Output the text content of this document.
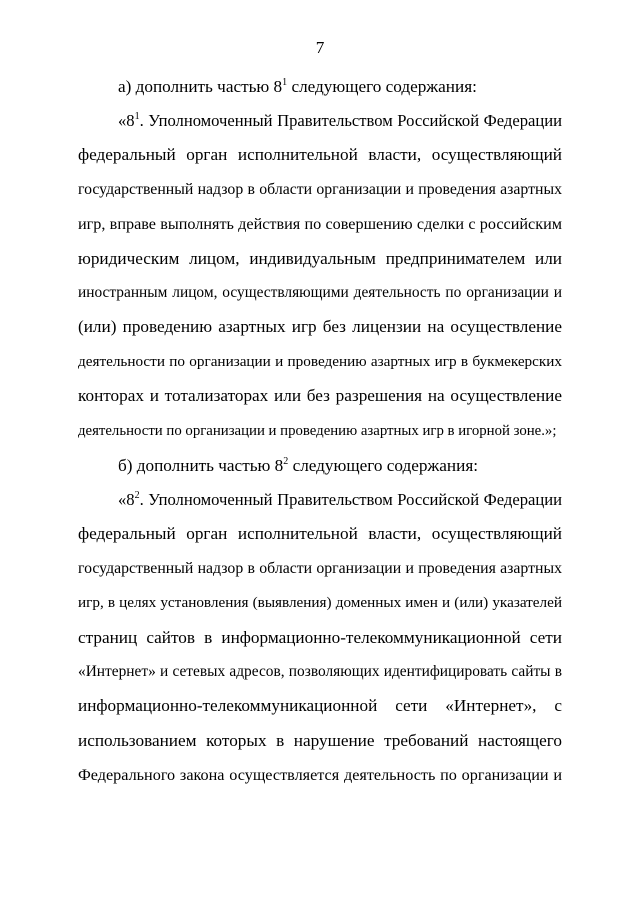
7
а) дополнить частью $8^1$ следующего содержания:
«$8^1$. Уполномоченный Правительством Российской Федерации
федеральный орган исполнительной власти, осуществляющий
государственный надзор в области организации и проведения азартных
игр, вправе выполнять действия по совершению сделки с российским
юридическим лицом, индивидуальным предпринимателем или
иностранным лицом, осуществляющими деятельность по организации и
(или) проведению азартных игр без лицензии на осуществление
деятельности по организации и проведению азартных игр в букмекерских
конторах и тотализаторах или без разрешения на осуществление
деятельности по организации и проведению азартных игр в игорной зоне.»;
б) дополнить частью $8^2$ следующего содержания:
«$8^2$. Уполномоченный Правительством Российской Федерации
федеральный орган исполнительной власти, осуществляющий
государственный надзор в области организации и проведения азартных
игр, в целях установления (выявления) доменных имен и (или) указателей
страниц сайтов в информационно-телекоммуникационной сети
«Интернет» и сетевых адресов, позволяющих идентифицировать сайты в
информационно-телекоммуникационной сети «Интернет», с
использованием которых в нарушение требований настоящего
Федерального закона осуществляется деятельность по организации и
